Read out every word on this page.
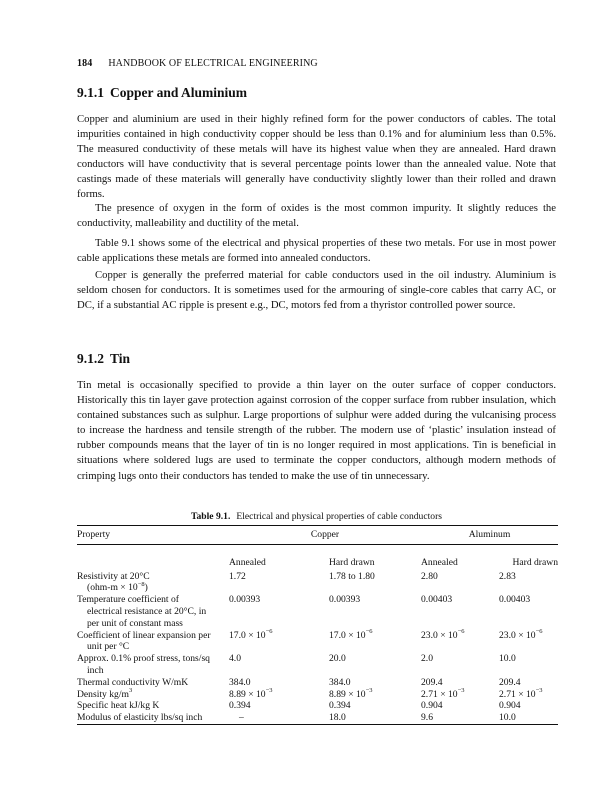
184 HANDBOOK OF ELECTRICAL ENGINEERING
9.1.1 Copper and Aluminium
Copper and aluminium are used in their highly refined form for the power conductors of cables. The total impurities contained in high conductivity copper should be less than 0.1% and for aluminium less than 0.5%. The measured conductivity of these metals will have its highest value when they are annealed. Hard drawn conductors will have conductivity that is several percentage points lower than the annealed value. Note that castings made of these materials will generally have conductivity slightly lower than their rolled and drawn forms.
The presence of oxygen in the form of oxides is the most common impurity. It slightly reduces the conductivity, malleability and ductility of the metal.
Table 9.1 shows some of the electrical and physical properties of these two metals. For use in most power cable applications these metals are formed into annealed conductors.
Copper is generally the preferred material for cable conductors used in the oil industry. Aluminium is seldom chosen for conductors. It is sometimes used for the armouring of single-core cables that carry AC, or DC, if a substantial AC ripple is present e.g., DC, motors fed from a thyristor controlled power source.
9.1.2 Tin
Tin metal is occasionally specified to provide a thin layer on the outer surface of copper conductors. Historically this tin layer gave protection against corrosion of the copper surface from rubber insulation, which contained substances such as sulphur. Large proportions of sulphur were added during the vulcanising process to increase the hardness and tensile strength of the rubber. The modern use of ‘plastic’ insulation instead of rubber compounds means that the layer of tin is no longer required in most applications. Tin is beneficial in situations where soldered lugs are used to terminate the copper conductors, although modern methods of crimping lugs onto their conductors has tended to make the use of tin unnecessary.
Table 9.1. Electrical and physical properties of cable conductors
Property	Copper		Aluminum	
	Annealed	Hard drawn	Annealed	Hard drawn
Resistivity at 20°C
$(ohm-m \times 10^{-8})$	1.72	1.78 to 1.80	2.80	2.83
Temperature coefficient of
electrical resistance at 20°C, in
per unit of constant mass	0.00393	0.00393	0.00403	0.00403
Coefficient of linear expansion per
unit per °C	$17.0 \times 10^{-6}$	$17.0 \times 10^{-6}$	$23.0 \times 10^{-6}$	$23.0 \times 10^{-6}$
Approx. 0.1% proof stress, tons/sq
inch	4.0	20.0	2.0	10.0
Thermal conductivity W/mK	384.0	384.0	209.4	209.4
Density $kg/m^3$	$8.89 \times 10^{-3}$	$8.89 \times 10^{-3}$	$2.71 \times 10^{-3}$	$2.71 \times 10^{-3}$
Specific heat kJ/kg K	0.394	0.394	0.904	0.904
Modulus of elasticity lbs/sq inch	–	18.0	9.6	10.0
